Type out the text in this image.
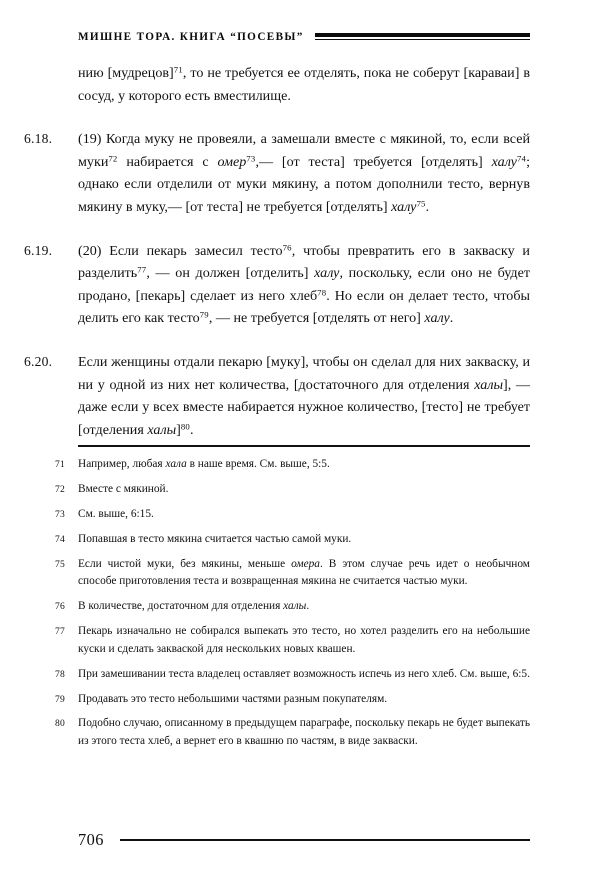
МИШНЕ ТОРА. КНИГА “ПОСЕВЫ”
нию [мудрецов]$^{71}$, то не требуется ее отделять, пока не соберут [караваи] в сосуд, у которого есть вместилище.
6.18.	(19) Когда муку не провеяли, а замешали вместе с мякиной, то, если всей муки$^{72}$ набирается с омер$^{73}$,— [от теста] требуется [отделять] халу$^{74}$; однако если отделили от муки мякину, а потом дополнили тесто, вернув мякину в муку,— [от теста] не требуется [отделять] халу$^{75}$.

6.19.	(20) Если пекарь замесил тесто$^{76}$, чтобы превратить его в закваску и разделить$^{77}$, — он должен [отделить] халу, поскольку, если оно не будет продано, [пекарь] сделает из него хлеб$^{78}$. Но если он делает тесто, чтобы делить его как тесто$^{79}$, — не требуется [отделять от него] халу.

6.20.	Если женщины отдали пекарю [муку], чтобы он сделал для них закваску, и ни у одной из них нет количества, [достаточного для отделения халы], — даже если у всех вместе набирается нужное количество, [тесто] не требует [отделения халы]$^{80}$.

71	Например, любая хала в наше время. См. выше, 5:5.

72	Вместе с мякиной.

73	См. выше, 6:15.

74	Попавшая в тесто мякина считается частью самой муки.

75	Если чистой муки, без мякины, меньше омера. В этом случае речь идет о необычном способе приготовления теста и возвращенная мякина не считается частью муки.

76	В количестве, достаточном для отделения халы.

77	Пекарь изначально не собирался выпекать это тесто, но хотел разделить его на небольшие куски и сделать закваской для нескольких новых квашен.

78	При замешивании теста владелец оставляет возможность испечь из него хлеб. См. выше, 6:5.

79	Продавать это тесто небольшими частями разным покупателям.

80	Подобно случаю, описанному в предыдущем параграфе, поскольку пекарь не будет выпекать из этого теста хлеб, а вернет его в квашню по частям, в виде закваски.

706
